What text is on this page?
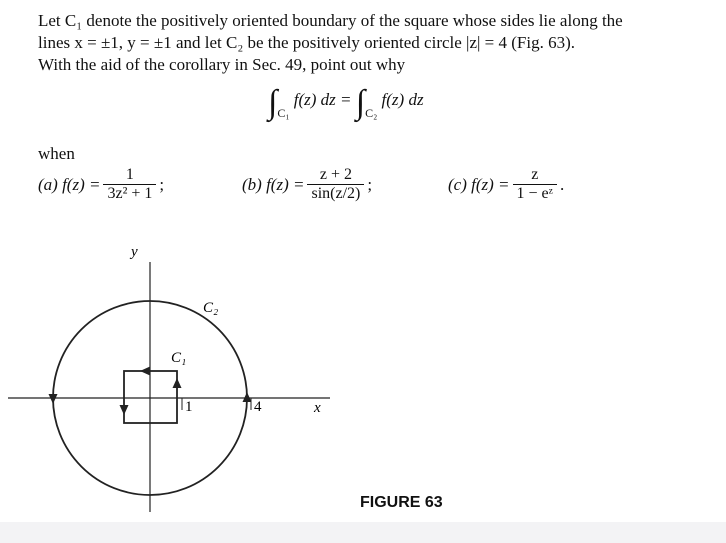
Let C₁ denote the positively oriented boundary of the square whose sides lie along the
lines x = ±1, y = ±1 and let C₂ be the positively oriented circle |z| = 4 (Fig. 63).
With the aid of the corollary in Sec. 49, point out why
$\int_{C_1}$ f(z) dz = $\int_{C_2}$ f(z) dz
when
(a)
$f(z) = \frac{1}{\text{3z² + 1}}$ ;	(b)
$f(z) = \frac{z + 2}{\sin(z/2)}$ ;	(c)
$f(z) = \frac{z}{\text{1 − eᶻ}}$ .
y
x
C₁
C₂
1	4
FIGURE 63
